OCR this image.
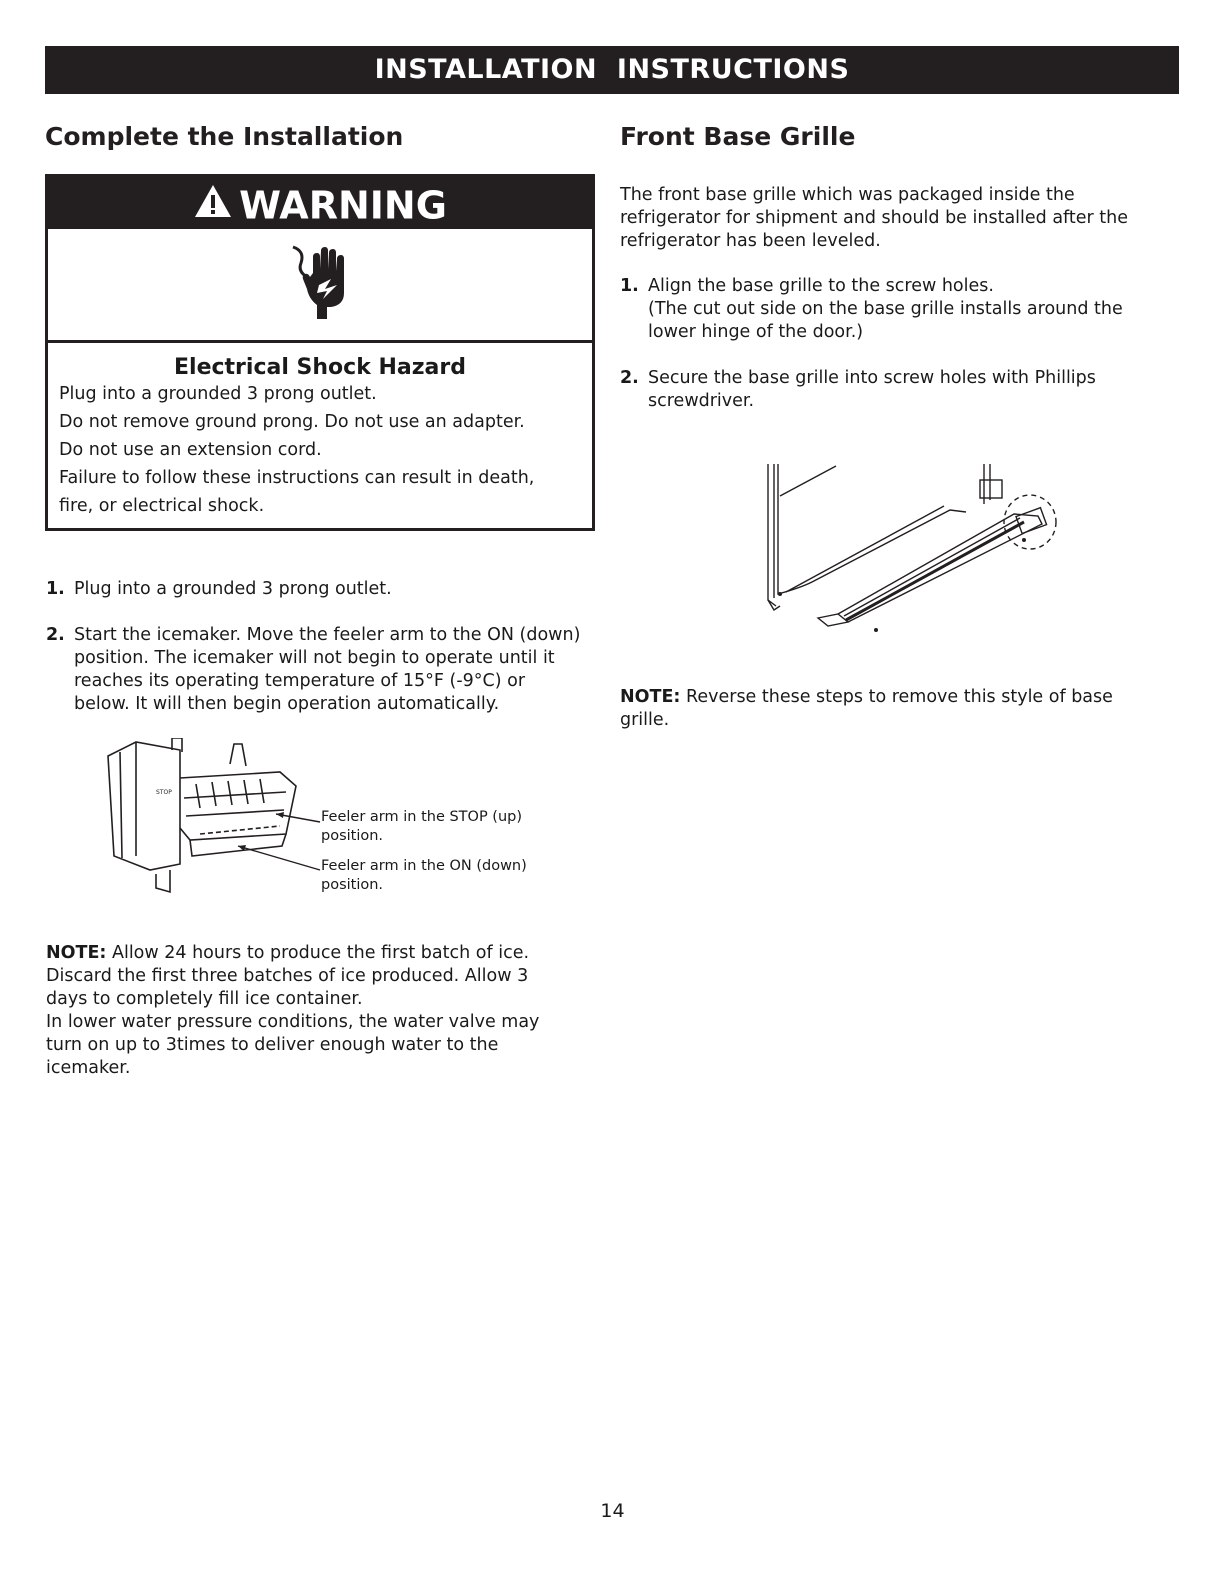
INSTALLATION  INSTRUCTIONS
Complete the Installation
WARNING
Electrical Shock Hazard
Plug into a grounded 3 prong outlet.
Do not remove ground prong. Do not use an adapter.
Do not use an extension cord.
Failure to follow these instructions can result in death,
fire, or electrical shock.
1. Plug into a grounded 3 prong outlet.
2. Start the icemaker. Move the feeler arm to the ON (down) position. The icemaker will not begin to operate until it reaches its operating temperature of 15°F (-9°C) or below. It will then begin operation automatically.
STOP
Feeler arm in the STOP (up) position.
Feeler arm in the ON (down) position.

NOTE: Allow 24 hours to produce the first batch of ice. Discard the first three batches of ice produced. Allow 3 days to completely fill ice container.

In lower water pressure conditions, the water valve may turn on up to 3times to deliver enough water to the icemaker.

Front Base Grille

The front base grille which was packaged inside the refrigerator for shipment and should be installed after the refrigerator has been leveled.

1. Align the base grille to the screw holes.
(The cut out side on the base grille installs around the lower hinge of the door.)
2. Secure the base grille into screw holes with Phillips screwdriver.

NOTE: Reverse these steps to remove this style of base grille.

14
